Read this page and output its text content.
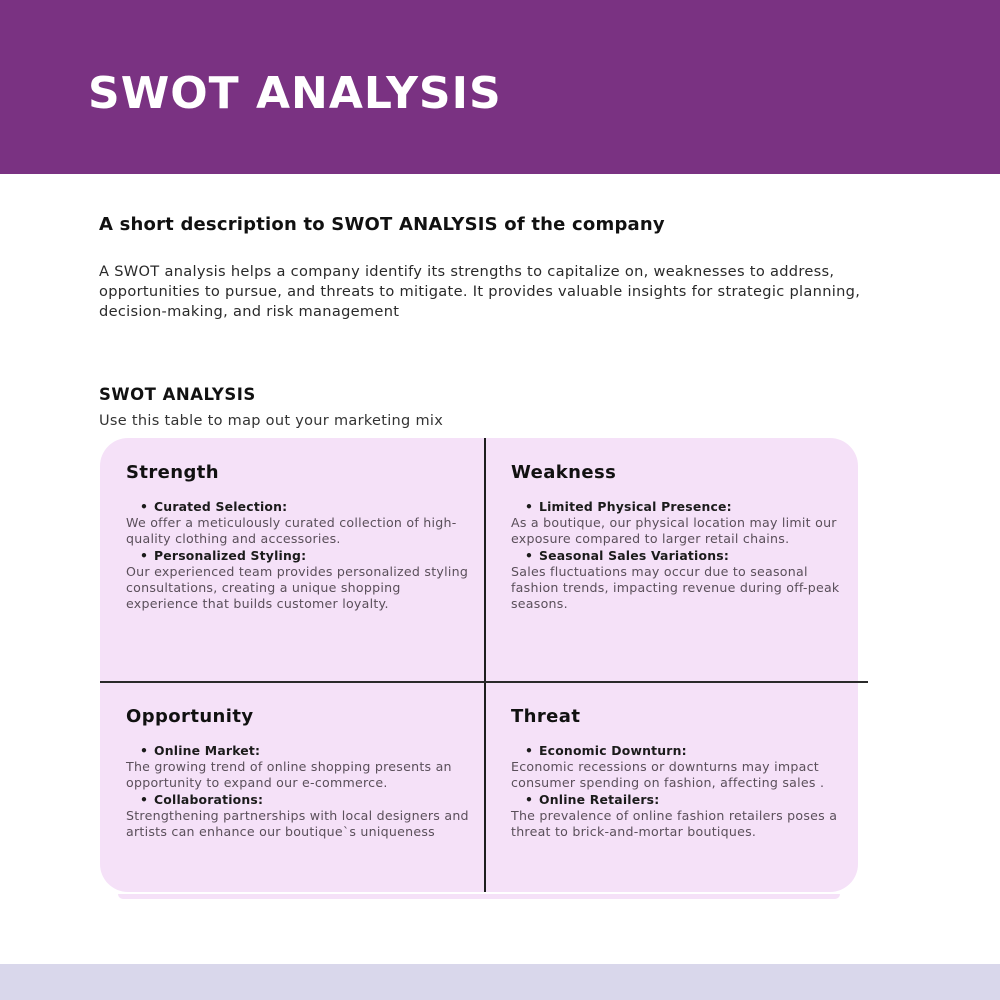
SWOT ANALYSIS
A short description to SWOT ANALYSIS of the company
A SWOT analysis helps a company identify its strengths to capitalize on, weaknesses to address, opportunities to pursue, and threats to mitigate. It provides valuable insights for strategic planning, decision-making, and risk management
SWOT ANALYSIS
Use this table to map out your marketing mix
Strength
• Curated Selection:
We offer a meticulously curated collection of high-quality clothing and accessories.
• Personalized Styling:
Our experienced team provides personalized styling consultations, creating a unique shopping experience that builds customer loyalty.
Weakness
• Limited Physical Presence:
As a boutique, our physical location may limit our exposure compared to larger retail chains.
• Seasonal Sales Variations:
Sales fluctuations may occur due to seasonal fashion trends, impacting revenue during off-peak seasons.
Opportunity
• Online Market:
The growing trend of online shopping presents an opportunity to expand our e-commerce.
• Collaborations:
Strengthening partnerships with local designers and artists can enhance our boutique`s uniqueness
Threat
• Economic Downturn:
Economic recessions or downturns may impact consumer spending on fashion, affecting sales .
• Online Retailers:
The prevalence of online fashion retailers poses a threat to brick-and-mortar boutiques.
